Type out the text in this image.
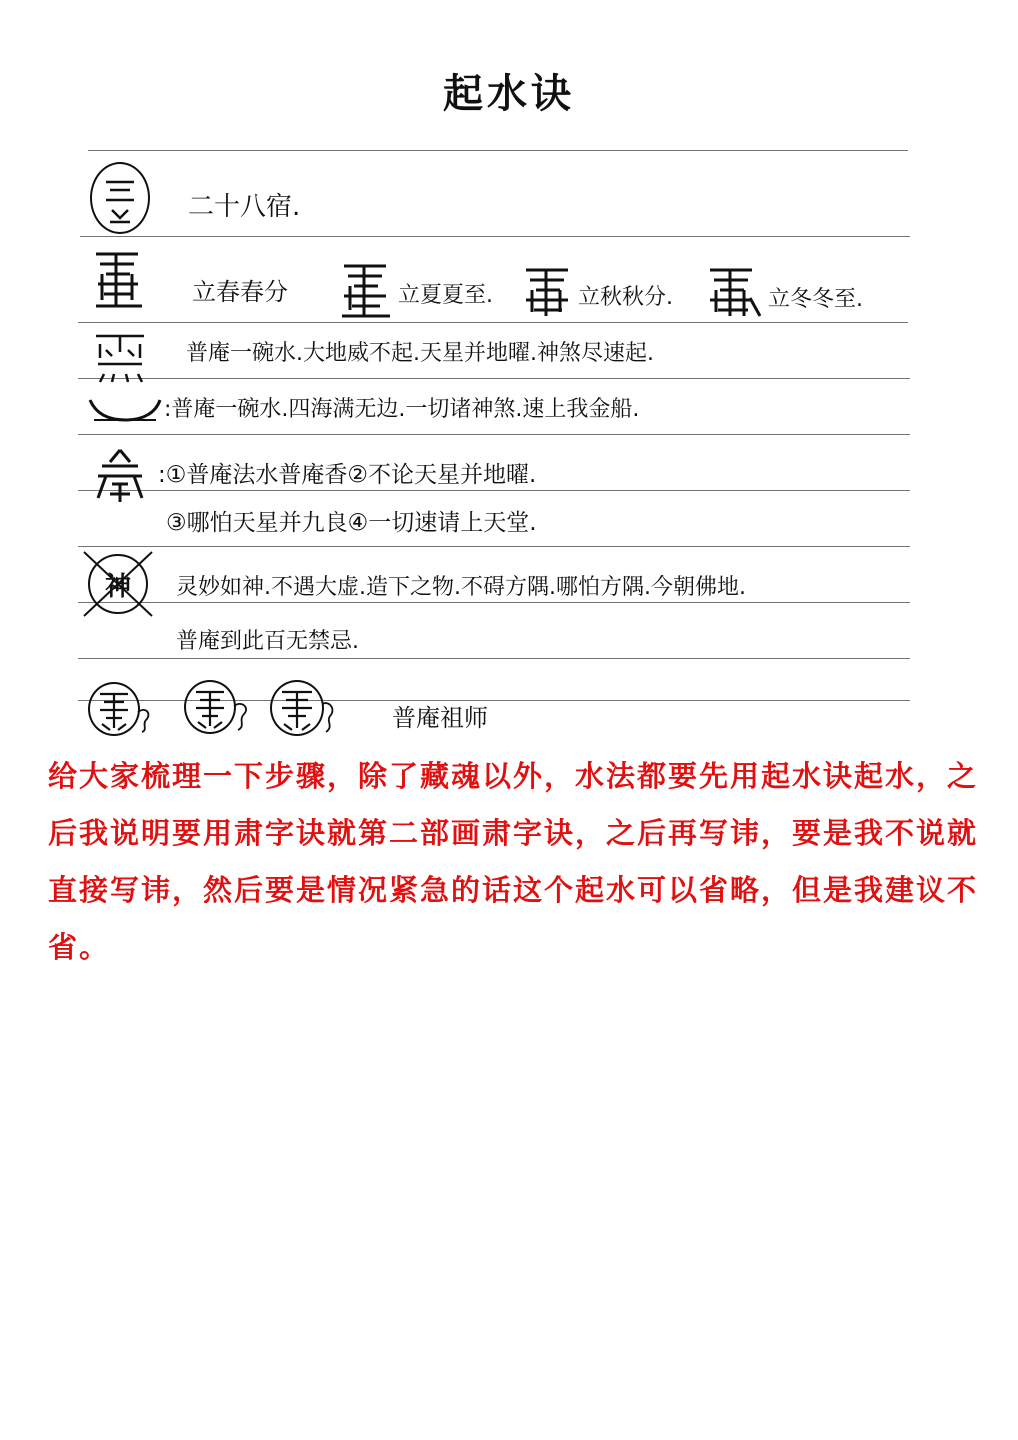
起水诀
二十八宿.
立春春分	立夏夏至.	立秋秋分.	立冬冬至.
普庵一碗水.大地威不起.天星并地曜.神煞尽速起.
:普庵一碗水.四海满无边.一切诸神煞.速上我金船.
:①普庵法水普庵香②不论天星并地曜.
③哪怕天星并九良④一切速请上天堂.
神 灵妙如神.不遇大虚.造下之物.不碍方隅.哪怕方隅.今朝佛地.
普庵到此百无禁忌.
普庵祖师
给大家梳理一下步骤，除了藏魂以外，水法都要先用起水诀起水，之后我说明要用肃字诀就第二部画肃字诀，之后再写讳，要是我不说就直接写讳，然后要是情况紧急的话这个起水可以省略，但是我建议不省。
